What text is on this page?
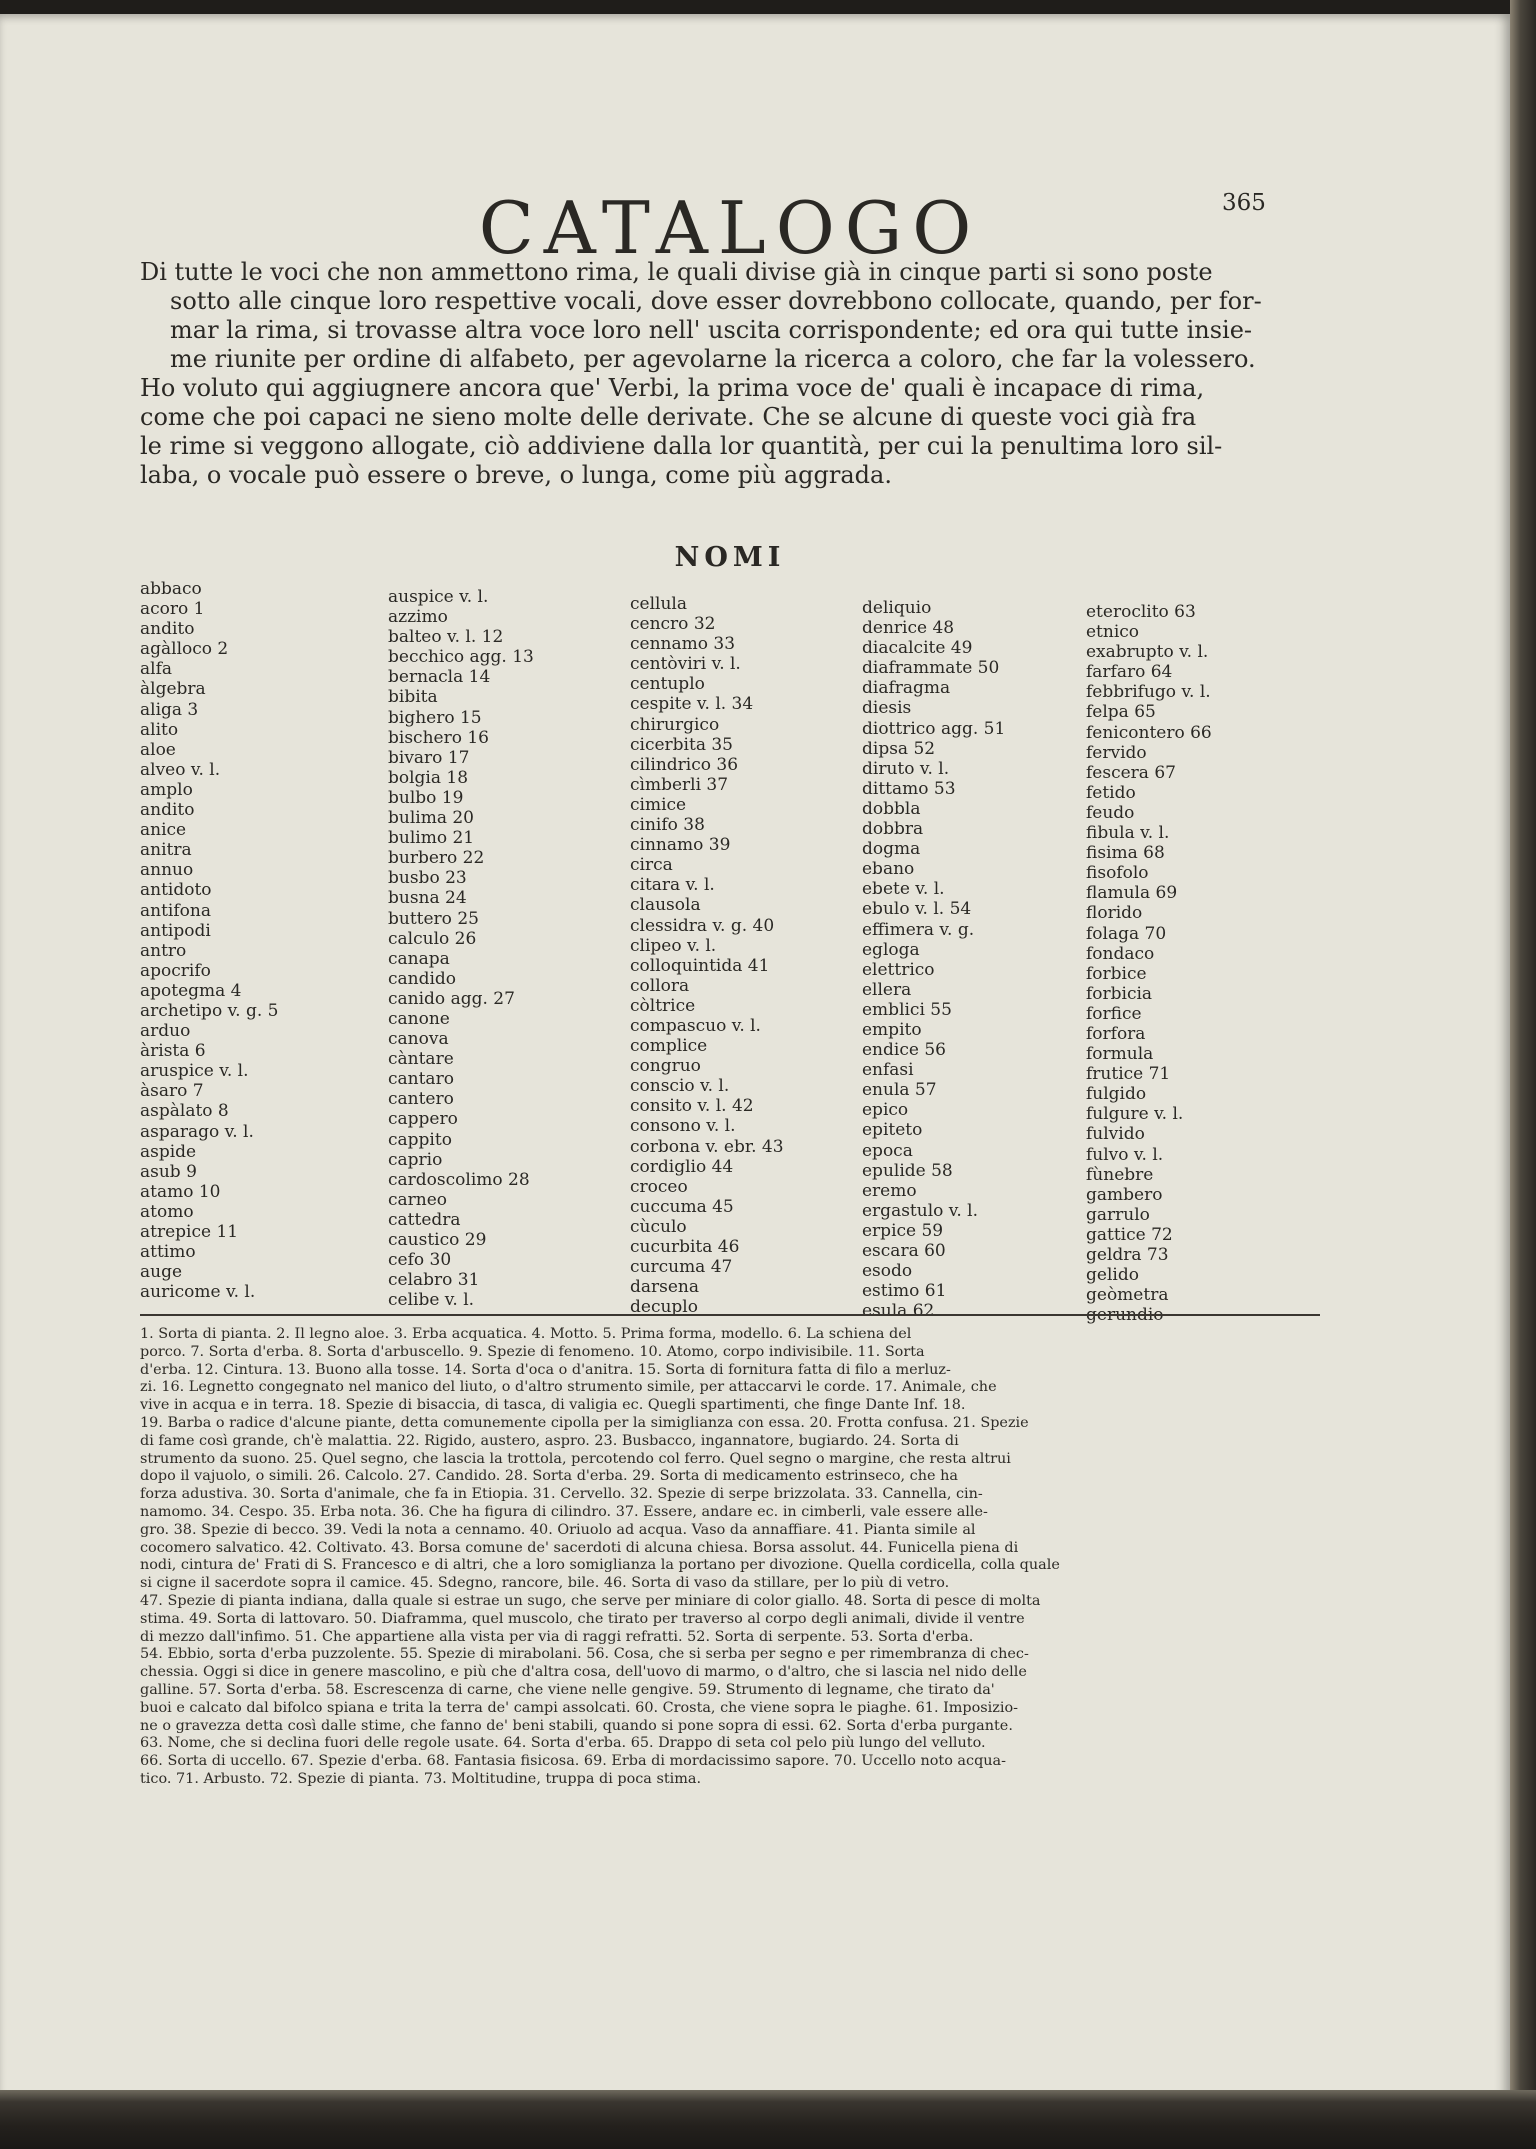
365
CATALOGO
Di tutte le voci che non ammettono rima, le quali divise già in cinque parti si sono poste
sotto alle cinque loro respettive vocali, dove esser dovrebbono collocate, quando, per for-
mar la rima, si trovasse altra voce loro nell' uscita corrispondente; ed ora qui tutte insie-
me riunite per ordine di alfabeto, per agevolarne la ricerca a coloro, che far la volessero.
Ho voluto qui aggiugnere ancora que' Verbi, la prima voce de' quali è incapace di rima,
come che poi capaci ne sieno molte delle derivate. Che se alcune di queste voci già fra
le rime si veggono allogate, ciò addiviene dalla lor quantità, per cui la penultima loro sil-
laba, o vocale può essere o breve, o lunga, come più aggrada.
NOMI
abbaco
acoro 1
andito
agàlloco 2
alfa
àlgebra
aliga 3
alito
aloe
alveo v. l.
amplo
andito
anice
anitra
annuo
antidoto
antifona
antipodi
antro
apocrifo
apotegma 4
archetipo v. g. 5
arduo
àrista 6
aruspice v. l.
àsaro 7
aspàlato 8
asparago v. l.
aspide
asub 9
atamo 10
atomo
atrepice 11
attimo
auge
auricome v. l.
auspice v. l.
azzimo
balteo v. l. 12
becchico agg. 13
bernacla 14
bibita
bighero 15
bischero 16
bivaro 17
bolgia 18
bulbo 19
bulima 20
bulimo 21
burbero 22
busbo 23
busna 24
buttero 25
calculo 26
canapa
candido
canido agg. 27
canone
canova
càntare
cantaro
cantero
cappero
cappito
caprio
cardoscolimo 28
carneo
cattedra
caustico 29
cefo 30
celabro 31
celibe v. l.
cellula
cencro 32
cennamo 33
centòviri v. l.
centuplo
cespite v. l. 34
chirurgico
cicerbita 35
cilindrico 36
cìmberli 37
cimice
cinifo 38
cinnamo 39
circa
citara v. l.
clausola
clessidra v. g. 40
clipeo v. l.
colloquintida 41
collora
còltrice
compascuo v. l.
complice
congruo
conscio v. l.
consito v. l. 42
consono v. l.
corbona v. ebr. 43
cordiglio 44
croceo
cuccuma 45
cùculo
cucurbita 46
curcuma 47
darsena
decuplo
deliquio
denrice 48
diacalcite 49
diaframmate 50
diafragma
diesis
diottrico agg. 51
dipsa 52
diruto v. l.
dittamo 53
dobbla
dobbra
dogma
ebano
ebete v. l.
ebulo v. l. 54
effimera v. g.
egloga
elettrico
ellera
emblici 55
empito
endice 56
enfasi
enula 57
epico
epiteto
epoca
epulide 58
eremo
ergastulo v. l.
erpice 59
escara 60
esodo
estimo 61
esula 62
eteroclito 63
etnico
exabrupto v. l.
farfaro 64
febbrifugo v. l.
felpa 65
fenicontero 66
fervido
fescera 67
fetido
feudo
fibula v. l.
fisima 68
fisofolo
flamula 69
florido
folaga 70
fondaco
forbice
forbicia
forfice
forfora
formula
frutice 71
fulgido
fulgure v. l.
fulvido
fulvo v. l.
fùnebre
gambero
garrulo
gattice 72
geldra 73
gelido
geòmetra
gerundio
1. Sorta di pianta. 2. Il legno aloe. 3. Erba acquatica. 4. Motto. 5. Prima forma, modello. 6. La schiena del
porco. 7. Sorta d'erba. 8. Sorta d'arbuscello. 9. Spezie di fenomeno. 10. Atomo, corpo indivisibile. 11. Sorta
d'erba. 12. Cintura. 13. Buono alla tosse. 14. Sorta d'oca o d'anitra. 15. Sorta di fornitura fatta di filo a merluz-
zi. 16. Legnetto congegnato nel manico del liuto, o d'altro strumento simile, per attaccarvi le corde. 17. Animale, che
vive in acqua e in terra. 18. Spezie di bisaccia, di tasca, di valigia ec. Quegli spartimenti, che finge Dante Inf. 18.
19. Barba o radice d'alcune piante, detta comunemente cipolla per la simiglianza con essa. 20. Frotta confusa. 21. Spezie
di fame così grande, ch'è malattia. 22. Rigido, austero, aspro. 23. Busbacco, ingannatore, bugiardo. 24. Sorta di
strumento da suono. 25. Quel segno, che lascia la trottola, percotendo col ferro. Quel segno o margine, che resta altrui
dopo il vajuolo, o simili. 26. Calcolo. 27. Candido. 28. Sorta d'erba. 29. Sorta di medicamento estrinseco, che ha
forza adustiva. 30. Sorta d'animale, che fa in Etiopia. 31. Cervello. 32. Spezie di serpe brizzolata. 33. Cannella, cin-
namomo. 34. Cespo. 35. Erba nota. 36. Che ha figura di cilindro. 37. Essere, andare ec. in cimberli, vale essere alle-
gro. 38. Spezie di becco. 39. Vedi la nota a cennamo. 40. Oriuolo ad acqua. Vaso da annaffiare. 41. Pianta simile al
cocomero salvatico. 42. Coltivato. 43. Borsa comune de' sacerdoti di alcuna chiesa. Borsa assolut. 44. Funicella piena di
nodi, cintura de' Frati di S. Francesco e di altri, che a loro somiglianza la portano per divozione. Quella cordicella, colla quale
si cigne il sacerdote sopra il camice. 45. Sdegno, rancore, bile. 46. Sorta di vaso da stillare, per lo più di vetro.
47. Spezie di pianta indiana, dalla quale si estrae un sugo, che serve per miniare di color giallo. 48. Sorta di pesce di molta
stima. 49. Sorta di lattovaro. 50. Diaframma, quel muscolo, che tirato per traverso al corpo degli animali, divide il ventre
di mezzo dall'infimo. 51. Che appartiene alla vista per via di raggi refratti. 52. Sorta di serpente. 53. Sorta d'erba.
54. Ebbio, sorta d'erba puzzolente. 55. Spezie di mirabolani. 56. Cosa, che si serba per segno e per rimembranza di chec-
chessia. Oggi si dice in genere mascolino, e più che d'altra cosa, dell'uovo di marmo, o d'altro, che si lascia nel nido delle
galline. 57. Sorta d'erba. 58. Escrescenza di carne, che viene nelle gengive. 59. Strumento di legname, che tirato da'
buoi e calcato dal bifolco spiana e trita la terra de' campi assolcati. 60. Crosta, che viene sopra le piaghe. 61. Imposizio-
ne o gravezza detta così dalle stime, che fanno de' beni stabili, quando si pone sopra di essi. 62. Sorta d'erba purgante.
63. Nome, che si declina fuori delle regole usate. 64. Sorta d'erba. 65. Drappo di seta col pelo più lungo del velluto.
66. Sorta di uccello. 67. Spezie d'erba. 68. Fantasia fisicosa. 69. Erba di mordacissimo sapore. 70. Uccello noto acqua-
tico. 71. Arbusto. 72. Spezie di pianta. 73. Moltitudine, truppa di poca stima.
